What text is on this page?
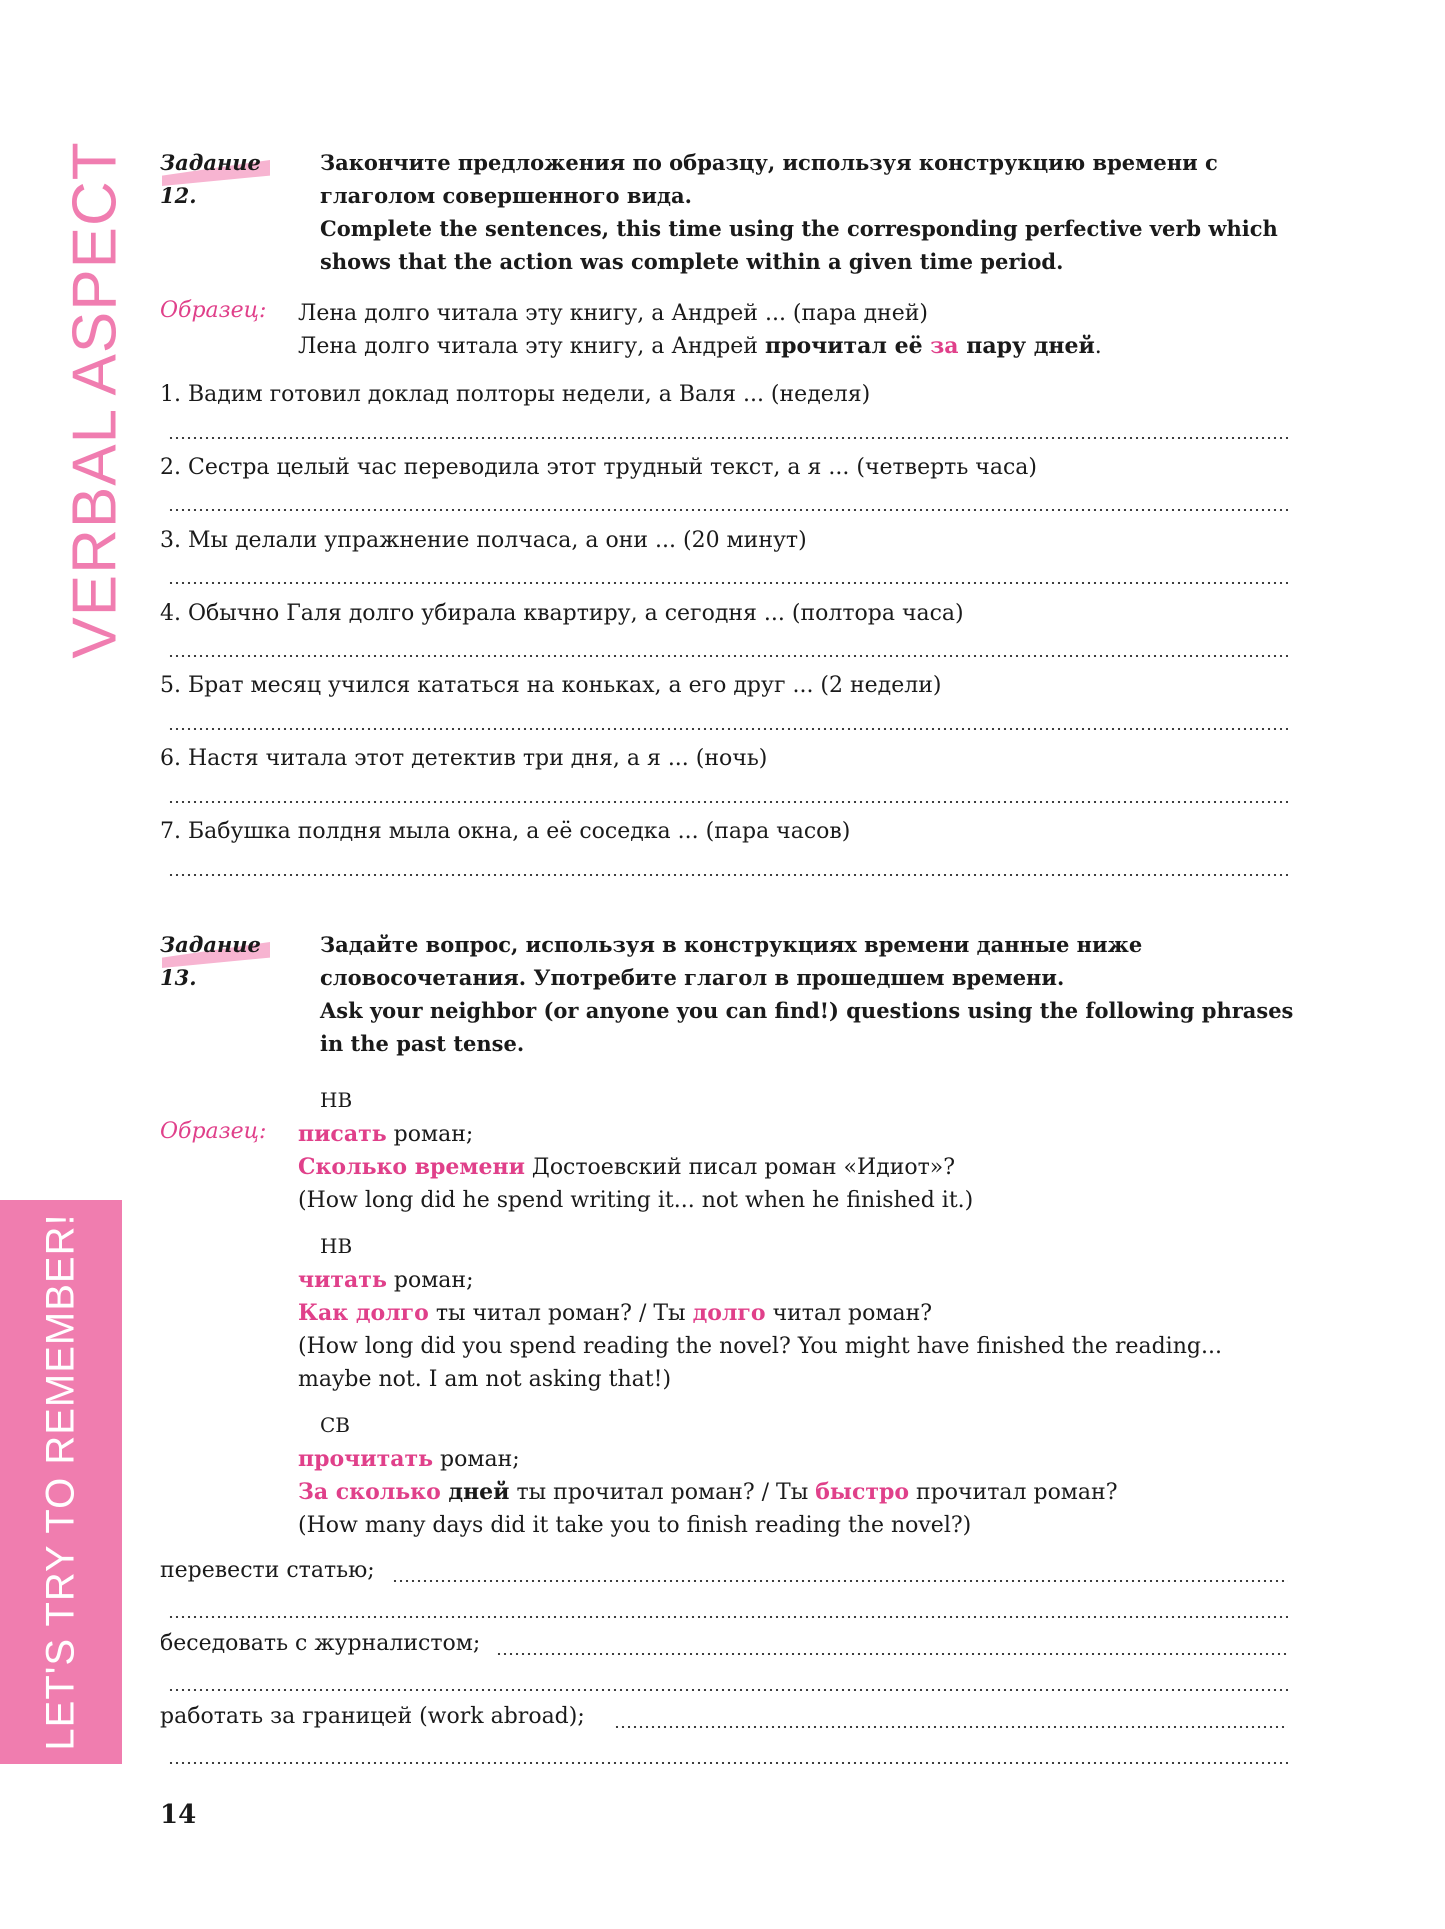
VERBAL ASPECT
LET'S TRY TO REMEMBER!
Задание 12.
Закончите предложения по образцу, используя конструкцию времени с
глаголом совершенного вида.
Complete the sentences, this time using the corresponding perfective verb which
shows that the action was complete within a given time period.
Образец: Лена долго читала эту книгу, а Андрей ... (пара дней)
Лена долго читала эту книгу, а Андрей прочитал её за пару дней.
1. Вадим готовил доклад полторы недели, а Валя ... (неделя)
2. Сестра целый час переводила этот трудный текст, а я ... (четверть часа)
3. Мы делали упражнение полчаса, а они ... (20 минут)
4. Обычно Галя долго убирала квартиру, а сегодня ... (полтора часа)
5. Брат месяц учился кататься на коньках, а его друг ... (2 недели)
6. Настя читала этот детектив три дня, а я ... (ночь)
7. Бабушка полдня мыла окна, а её соседка ... (пара часов)
Задание 13.
Задайте вопрос, используя в конструкциях времени данные ниже
словосочетания. Употребите глагол в прошедшем времени.
Ask your neighbor (or anyone you can find!) questions using the following phrases
in the past tense.
НВ
Образец: писать роман;
Сколько времени Достоевский писал роман «Идиот»?
(How long did he spend writing it... not when he finished it.)
НВ
читать роман;
Как долго ты читал роман? / Ты долго читал роман?
(How long did you spend reading the novel? You might have finished the reading...
maybe not. I am not asking that!)
СВ
прочитать роман;
За сколько дней ты прочитал роман? / Ты быстро прочитал роман?
(How many days did it take you to finish reading the novel?)
перевести статью;
беседовать с журналистом;
работать за границей (work abroad);
14
